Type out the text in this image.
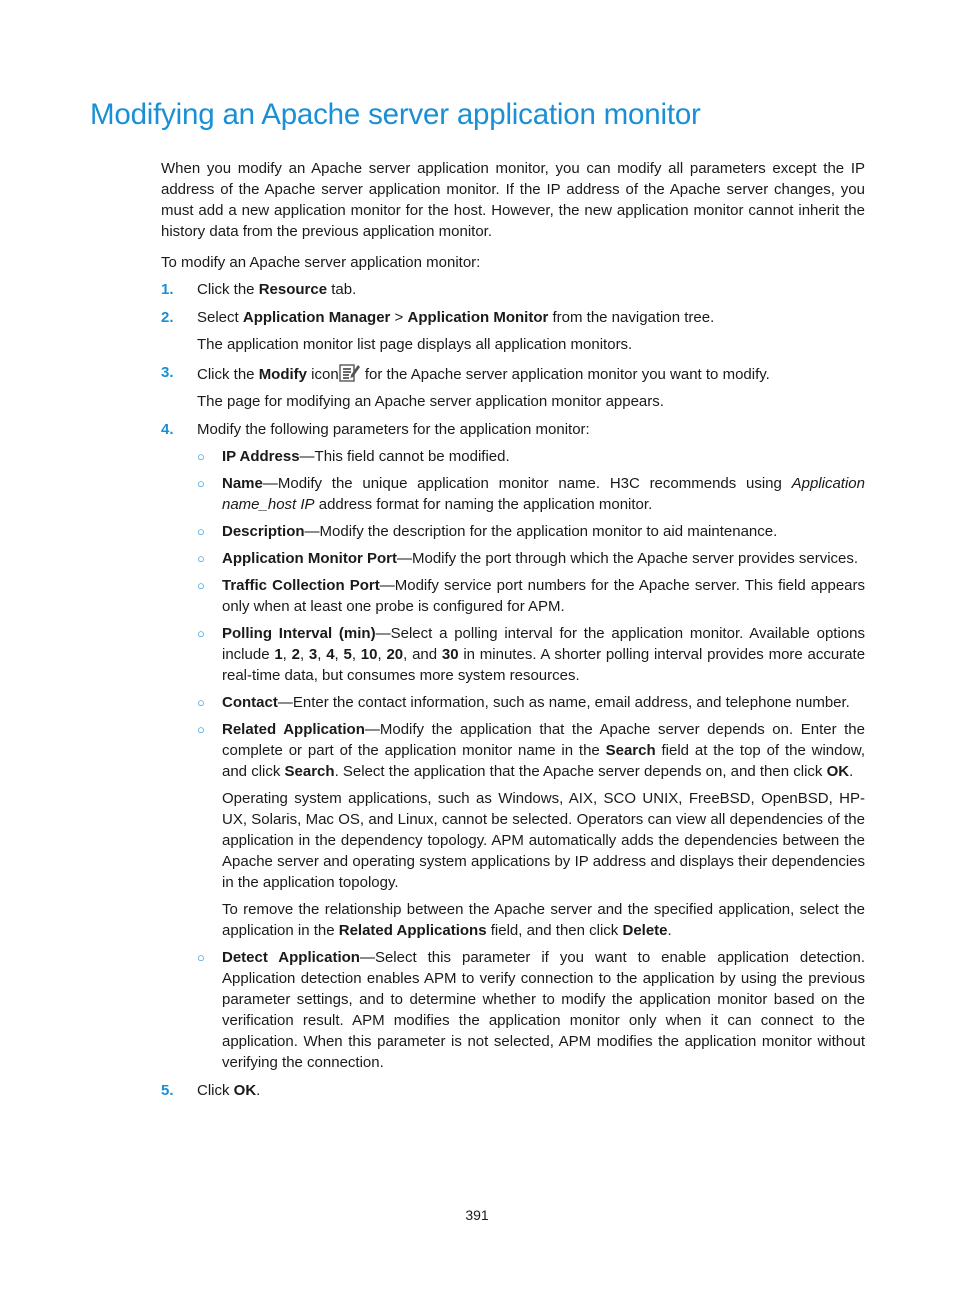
Modifying an Apache server application monitor

When you modify an Apache server application monitor, you can modify all parameters except the IP address of the Apache server application monitor. If the IP address of the Apache server changes, you must add a new application monitor for the host. However, the new application monitor cannot inherit the history data from the previous application monitor.

To modify an Apache server application monitor:

1. Click the Resource tab.
2. Select Application Manager > Application Monitor from the navigation tree.

The application monitor list page displays all application monitors.

3. Click the Modify icon for the Apache server application monitor you want to modify.

The page for modifying an Apache server application monitor appears.

4. Modify the following parameters for the application monitor:
○ IP Address—This field cannot be modified.
○ Name—Modify the unique application monitor name. H3C recommends using Application name_host IP address format for naming the application monitor.
○ Description—Modify the description for the application monitor to aid maintenance.
○ Application Monitor Port—Modify the port through which the Apache server provides services.
○ Traffic Collection Port—Modify service port numbers for the Apache server. This field appears only when at least one probe is configured for APM.
○ Polling Interval (min)—Select a polling interval for the application monitor. Available options include 1, 2, 3, 4, 5, 10, 20, and 30 in minutes. A shorter polling interval provides more accurate real-time data, but consumes more system resources.
○ Contact—Enter the contact information, such as name, email address, and telephone number.
○ Related Application—Modify the application that the Apache server depends on. Enter the complete or part of the application monitor name in the Search field at the top of the window, and click Search. Select the application that the Apache server depends on, and then click OK.

Operating system applications, such as Windows, AIX, SCO UNIX, FreeBSD, OpenBSD, HP-UX, Solaris, Mac OS, and Linux, cannot be selected. Operators can view all dependencies of the application in the dependency topology. APM automatically adds the dependencies between the Apache server and operating system applications by IP address and displays their dependencies in the application topology.

To remove the relationship between the Apache server and the specified application, select the application in the Related Applications field, and then click Delete.

○ Detect Application—Select this parameter if you want to enable application detection. Application detection enables APM to verify connection to the application by using the previous parameter settings, and to determine whether to modify the application monitor based on the verification result. APM modifies the application monitor only when it can connect to the application. When this parameter is not selected, APM modifies the application monitor without verifying the connection.
5. Click OK.
391
